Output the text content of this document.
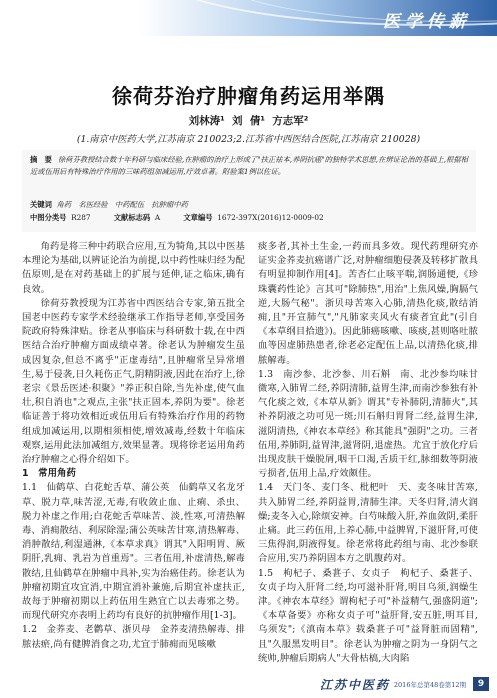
医学传薪
徐荷芬治疗肿瘤角药运用举隅
刘林涛¹  刘  倩¹  方志军²
(1.南京中医药大学,江苏南京 210023;2.江苏省中西医结合医院,江苏南京 210028)
摘　要 徐荷芬教授结合数十年科研与临床经验,在肿瘤的治疗上形成了"扶正祛本,养阴抗癌"的独特学术思想,在辨证论治的基础上,根据相近或伍用后有特殊治疗作用的三味药组加减运用,疗效卓著。附验案1例以佐证。
关键词 角药　名医经验　中药配伍　抗肿瘤中药
中图分类号 R287	文献标志码 A	文章编号 1672-397X(2016)12-0009-02

角药是将三种中药联合应用,互为犄角,其以中医基本理论为基础,以辨证论治为前提,以中药性味归经为配伍原则,是在对药基础上的扩展与延伸,证之临床,确有良效。

徐荷芬教授现为江苏省中西医结合专家,第五批全国老中医药专家学术经验继承工作指导老师,享受国务院政府特殊津贴。徐老从事临床与科研数十载,在中西医结合治疗肿瘤方面成绩卓著。徐老认为肿瘤发生虽成因复杂,但总不离乎"正虚毒结",且肿瘤常呈异常增生,易于侵袭,日久耗伤正气,阴精阴液,因此在治疗上,徐老宗《景岳医述·积聚》"养正积自除,当先补虚,使气血壮,积自消也"之观点,主张"扶正固本,养阴为要"。徐老临证善于将功效相近或伍用后有特殊治疗作用的药物组成加减运用,以期相须相使,增效减毒,经数十年临床观察,运用此法加减组方,效果显著。现将徐老运用角药治疗肿瘤之心得介绍如下。

1　常用角药

1.1　仙鹤草、白花蛇舌草、蒲公英　仙鹤草又名龙牙草、脱力草,味苦涩,无毒,有收敛止血、止痢、杀虫、脱力补虚之作用;白花蛇舌草味苦、淡,性寒,可清热解毒、消痈散结、利尿除湿;蒲公英味苦甘寒,清热解毒、消肿散结,利湿通淋,《本草求真》谓其"入阳明胃、厥阴肝,乳痈、乳岩为首重焉"。三者伍用,补虚清热,解毒散结,且仙鹤草在肿瘤中具补,实为治癌佳药。徐老认为肿瘤初期宜攻宜消,中期宜消补兼施,后期宜补虚扶正,故每于肿瘤初期以上药伍用生熟宜亡以去毒邪之势。而现代研究亦表明上药均有良好的抗肿瘤作用[1-3]。

1.2　金荞麦、老鹳草、浙贝母　金荞麦清热解毒、排脓祛瘀,尚有健脾消食之功,尤宜于肺痈而见咳嗽

痰多者,其补土生金,一药而具多效。现代药理研究亦证实金荞麦抗癌谱广泛,对肿瘤细胞侵袭及转移扩散具有明显抑制作用[4]。苦杏仁止咳平喘,润肠通便,《珍珠囊药性论》言其可"除肺热",用治"上焦风燥,胸膈气逆,大肠气秘"。浙贝母苦寒入心肺,清热化痰,散结消痈,且"开宣肺气","凡肺家夹风火有痰者宜此"(引自《本草纲目拾遗》)。因此肺癌咳嗽、咳痰,甚则咯吐脓血等因虚肺热患者,徐老必定配伍上品,以清热化痰,排脓解毒。

1.3　南沙参、北沙参、川石斛　南、北沙参均味甘微寒,入肺胃二经,养阴清肺,益胃生津,而南沙参独有补气化痰之效,《本草从新》谓其"专补肺阴,清肺火",其补养阴液之功可见一斑;川石斛归胃肾二经,益胃生津,滋阴清热,《神农本草经》称其能具"强阴"之功。三者伍用,养肺阴,益胃津,滋肾阴,退虚热。尤宜于放化疗后出现皮肤干燥脱屑,咽干口渴,舌质干红,脉细数等阴液亏损者,伍用上品,疗效颇佳。

1.4　天门冬、麦门冬、枇杷叶　天、麦冬味甘苦寒,共入肺胃二经,养阴益胃,清肺生津。天冬归肾,清火润燥;麦冬入心,除烦安神。白芍味酸入肝,养血敛阴,柔肝止痛。此三药伍用,上养心肺,中益脾胃,下滋肝肾,可使三焦得润,阴液得复。徐老常将此药组与南、北沙参联合应用,实乃养阴固本方之肌腹药对。

1.5　枸杞子、桑葚子、女贞子　枸杞子、桑葚子、女贞子均入肝肾二经,均可滋补肝肾,明目乌须,润燥生津。《神农本草经》谓枸杞子可"补益精气,强盛阴道";《本草备要》亦称女贞子可"益肝肾,安五脏,明耳目,乌须发";《滇南本草》载桑葚子可"益肾脏而固精",且"久服黑发明目"。徐老认为肿瘤之阴为一身阴气之统帅,肿瘤后期病人"大骨枯槁,大肉陷

江苏中医药 2016年总第48卷第12期	9
